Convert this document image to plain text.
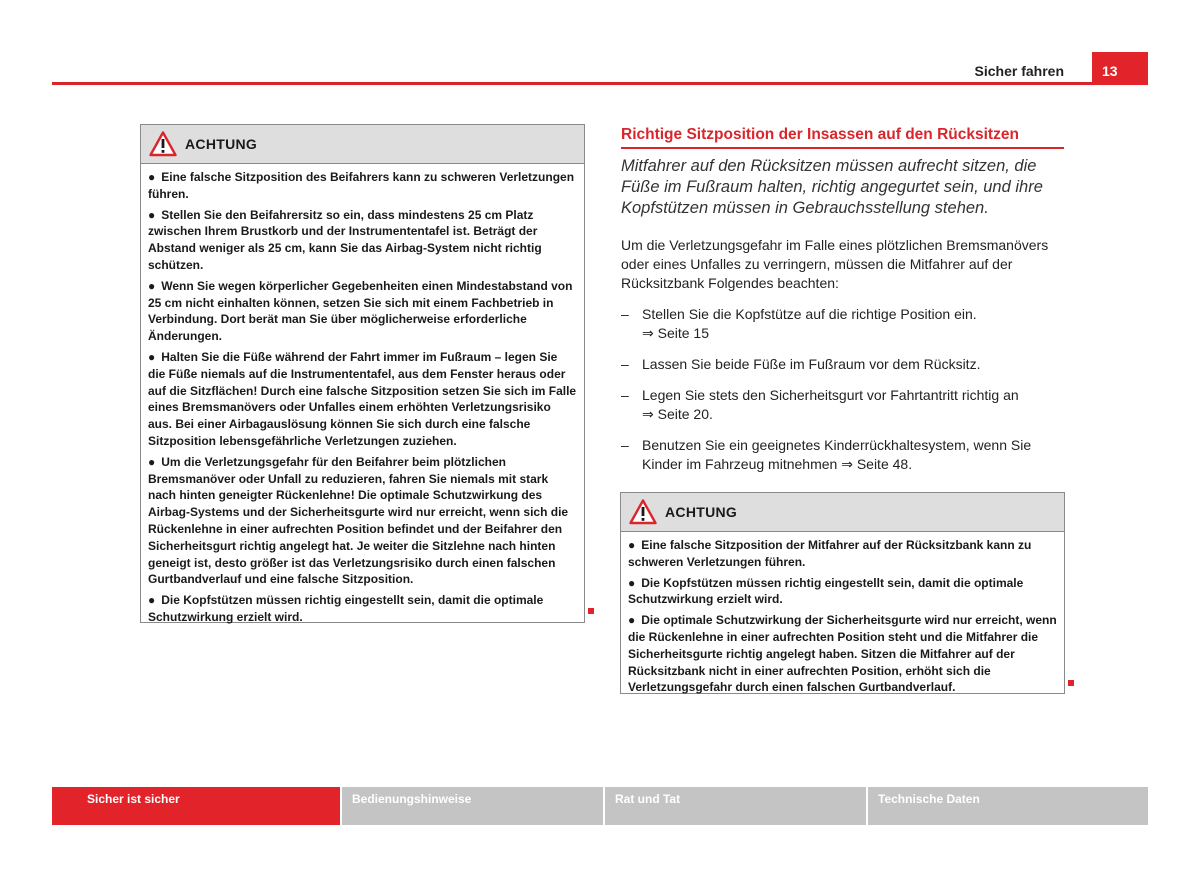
Sicher fahren	13
ACHTUNG

● Eine falsche Sitzposition des Beifahrers kann zu schweren Verletzungen führen.

● Stellen Sie den Beifahrersitz so ein, dass mindestens 25 cm Platz zwischen Ihrem Brustkorb und der Instrumententafel ist. Beträgt der Abstand weniger als 25 cm, kann Sie das Airbag-System nicht richtig schützen.

● Wenn Sie wegen körperlicher Gegebenheiten einen Mindestabstand von 25 cm nicht einhalten können, setzen Sie sich mit einem Fachbetrieb in Verbindung. Dort berät man Sie über möglicherweise erforderliche Änderungen.

● Halten Sie die Füße während der Fahrt immer im Fußraum – legen Sie die Füße niemals auf die Instrumententafel, aus dem Fenster heraus oder auf die Sitzflächen! Durch eine falsche Sitzposition setzen Sie sich im Falle eines Bremsmanövers oder Unfalles einem erhöhten Verletzungsrisiko aus. Bei einer Airbagauslösung können Sie sich durch eine falsche Sitzposition lebensgefährliche Verletzungen zuziehen.

● Um die Verletzungsgefahr für den Beifahrer beim plötzlichen Bremsmanöver oder Unfall zu reduzieren, fahren Sie niemals mit stark nach hinten geneigter Rückenlehne! Die optimale Schutzwirkung des Airbag-Systems und der Sicherheitsgurte wird nur erreicht, wenn sich die Rückenlehne in einer aufrechten Position befindet und der Beifahrer den Sicherheitsgurt richtig angelegt hat. Je weiter die Sitzlehne nach hinten geneigt ist, desto größer ist das Verletzungsrisiko durch einen falschen Gurtbandverlauf und eine falsche Sitzposition.

● Die Kopfstützen müssen richtig eingestellt sein, damit die optimale Schutzwirkung erzielt wird.

Richtige Sitzposition der Insassen auf den Rücksitzen
Mitfahrer auf den Rücksitzen müssen aufrecht sitzen, die Füße im Fußraum halten, richtig angegurtet sein, und ihre Kopfstützen müssen in Gebrauchsstellung stehen.
Um die Verletzungsgefahr im Falle eines plötzlichen Bremsmanövers oder eines Unfalles zu verringern, müssen die Mitfahrer auf der Rücksitzbank Folgendes beachten:
– Stellen Sie die Kopfstütze auf die richtige Position ein.
⇒ Seite 15
– Lassen Sie beide Füße im Fußraum vor dem Rücksitz.
– Legen Sie stets den Sicherheitsgurt vor Fahrtantritt richtig an
⇒ Seite 20.
– Benutzen Sie ein geeignetes Kinderrückhaltesystem, wenn Sie Kinder im Fahrzeug mitnehmen ⇒ Seite 48.
ACHTUNG

● Eine falsche Sitzposition der Mitfahrer auf der Rücksitzbank kann zu schweren Verletzungen führen.

● Die Kopfstützen müssen richtig eingestellt sein, damit die optimale Schutzwirkung erzielt wird.

● Die optimale Schutzwirkung der Sicherheitsgurte wird nur erreicht, wenn die Rückenlehne in einer aufrechten Position steht und die Mitfahrer die Sicherheitsgurte richtig angelegt haben. Sitzen die Mitfahrer auf der Rücksitzbank nicht in einer aufrechten Position, erhöht sich die Verletzungsgefahr durch einen falschen Gurtbandverlauf.

Sicher ist sicher	Bedienungshinweise	Rat und Tat	Technische Daten
